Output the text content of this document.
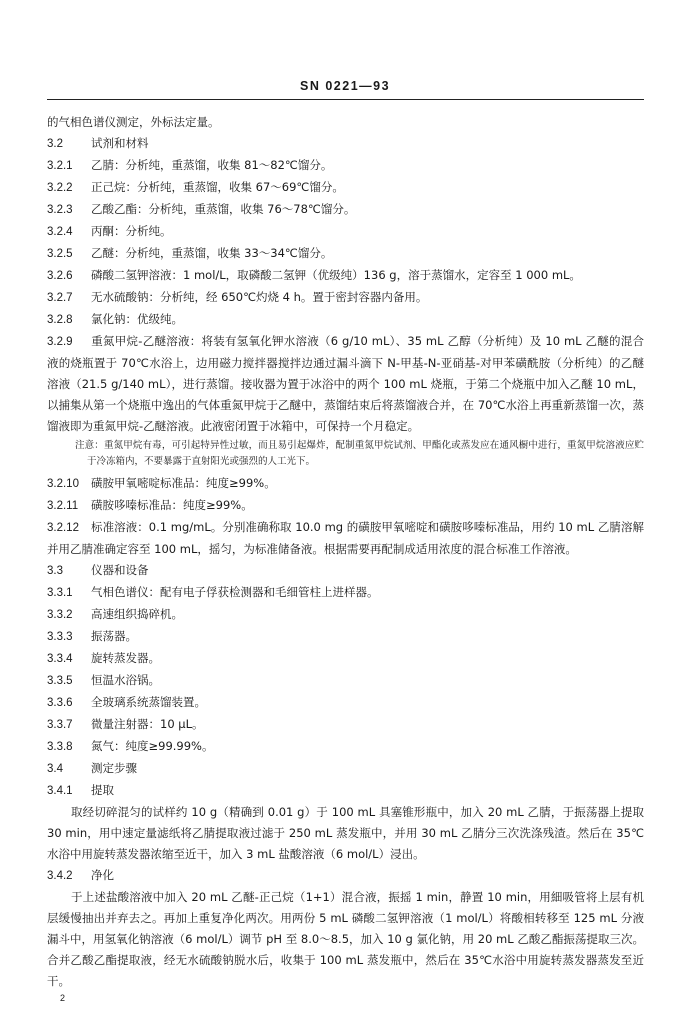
SN 0221—93
的气相色谱仪测定，外标法定量。
3.2 试剂和材料
3.2.1 乙腈：分析纯，重蒸馏，收集 81～82℃馏分。
3.2.2 正己烷：分析纯，重蒸馏，收集 67～69℃馏分。
3.2.3 乙酸乙酯：分析纯，重蒸馏，收集 76～78℃馏分。
3.2.4 丙酮：分析纯。
3.2.5 乙醚：分析纯，重蒸馏，收集 33～34℃馏分。
3.2.6 磷酸二氢钾溶液：1 mol/L，取磷酸二氢钾（优级纯）136 g，溶于蒸馏水，定容至 1 000 mL。
3.2.7 无水硫酸钠：分析纯，经 650℃灼烧 4 h。置于密封容器内备用。
3.2.8 氯化钠：优级纯。

3.2.9 重氮甲烷-乙醚溶液：将装有氢氧化钾水溶液（6 g/10 mL）、35 mL 乙醇（分析纯）及 10 mL 乙醚的混合液的烧瓶置于 70℃水浴上，边用磁力搅拌器搅拌边通过漏斗滴下 N-甲基-N-亚硝基-对甲苯磺酰胺（分析纯）的乙醚溶液（21.5 g/140 mL），进行蒸馏。接收器为置于冰浴中的两个 100 mL 烧瓶，于第二个烧瓶中加入乙醚 10 mL，以捕集从第一个烧瓶中逸出的气体重氮甲烷于乙醚中，蒸馏结束后将蒸馏液合并，在 70℃水浴上再重新蒸馏一次，蒸馏液即为重氮甲烷-乙醚溶液。此液密闭置于冰箱中，可保持一个月稳定。

注意：重氮甲烷有毒，可引起特异性过敏，而且易引起爆炸，配制重氮甲烷试剂、甲酯化或蒸发应在通风橱中进行，重氮甲烷溶液应贮于冷冻箱内，不要暴露于直射阳光或强烈的人工光下。
3.2.10 磺胺甲氧嘧啶标准品：纯度≥99%。
3.2.11 磺胺哆嗪标准品：纯度≥99%。

3.2.12 标准溶液：0.1 mg/mL。分别准确称取 10.0 mg 的磺胺甲氧嘧啶和磺胺哆嗪标准品，用约 10 mL 乙腈溶解并用乙腈准确定容至 100 mL，摇匀，为标准储备液。根据需要再配制成适用浓度的混合标准工作溶液。

3.3 仪器和设备
3.3.1 气相色谱仪：配有电子俘获检测器和毛细管柱上进样器。
3.3.2 高速组织捣碎机。
3.3.3 振荡器。
3.3.4 旋转蒸发器。
3.3.5 恒温水浴锅。
3.3.6 全玻璃系统蒸馏装置。
3.3.7 微量注射器：10 μL。
3.3.8 氮气：纯度≥99.99%。
3.4 测定步骤
3.4.1 提取

取经切碎混匀的试样约 10 g（精确到 0.01 g）于 100 mL 具塞锥形瓶中，加入 20 mL 乙腈，于振荡器上提取 30 min，用中速定量滤纸将乙腈提取液过滤于 250 mL 蒸发瓶中，并用 30 mL 乙腈分三次洗涤残渣。然后在 35℃水浴中用旋转蒸发器浓缩至近干，加入 3 mL 盐酸溶液（6 mol/L）浸出。

3.4.2 净化

于上述盐酸溶液中加入 20 mL 乙醚-正己烷（1+1）混合液，振摇 1 min，静置 10 min，用細吸管将上层有机层缓慢抽出并弃去之。再加上重复净化两次。用两份 5 mL 磷酸二氢钾溶液（1 mol/L）将酸相转移至 125 mL 分液漏斗中，用氢氧化钠溶液（6 mol/L）调节 pH 至 8.0～8.5，加入 10 g 氯化钠，用 20 mL 乙酸乙酯振荡提取三次。合并乙酸乙酯提取液，经无水硫酸钠脱水后，收集于 100 mL 蒸发瓶中，然后在 35℃水浴中用旋转蒸发器蒸发至近干。

2
